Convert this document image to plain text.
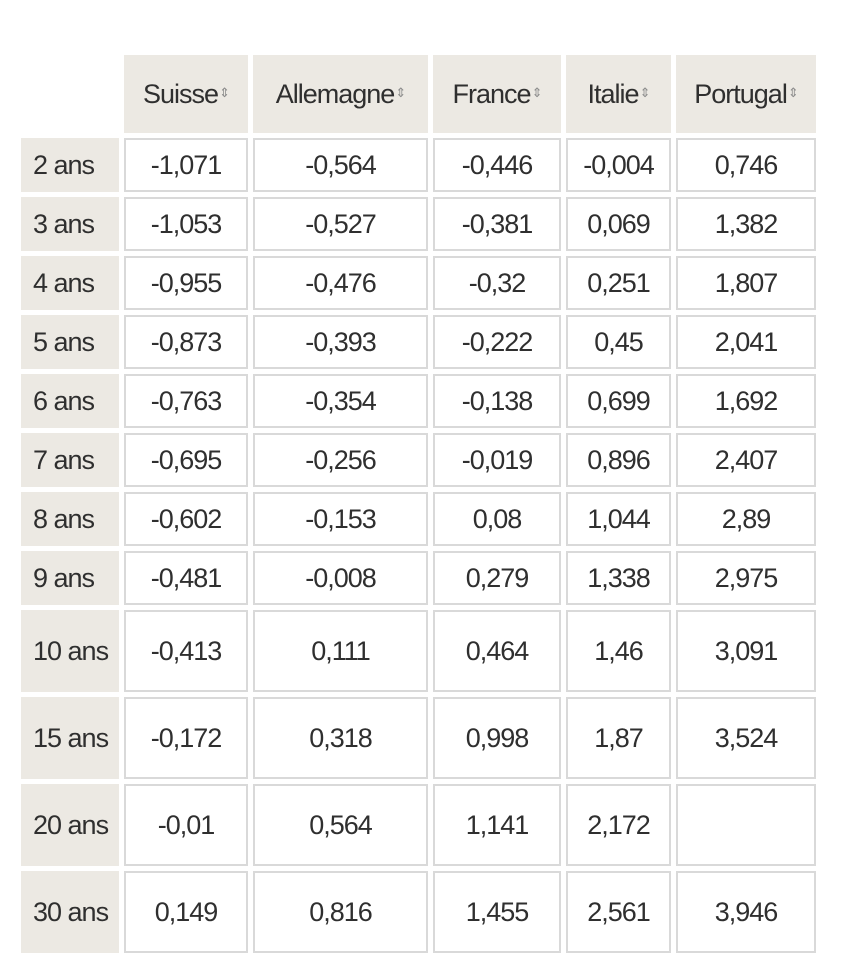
	Suisse⇕	Allemagne⇕	France⇕	Italie⇕	Portugal⇕
2 ans	-1,071	-0,564	-0,446	-0,004	0,746
3 ans	-1,053	-0,527	-0,381	0,069	1,382
4 ans	-0,955	-0,476	-0,32	0,251	1,807
5 ans	-0,873	-0,393	-0,222	0,45	2,041
6 ans	-0,763	-0,354	-0,138	0,699	1,692
7 ans	-0,695	-0,256	-0,019	0,896	2,407
8 ans	-0,602	-0,153	0,08	1,044	2,89
9 ans	-0,481	-0,008	0,279	1,338	2,975
10 ans	-0,413	0,111	0,464	1,46	3,091
15 ans	-0,172	0,318	0,998	1,87	3,524
20 ans	-0,01	0,564	1,141	2,172	
30 ans	0,149	0,816	1,455	2,561	3,946
